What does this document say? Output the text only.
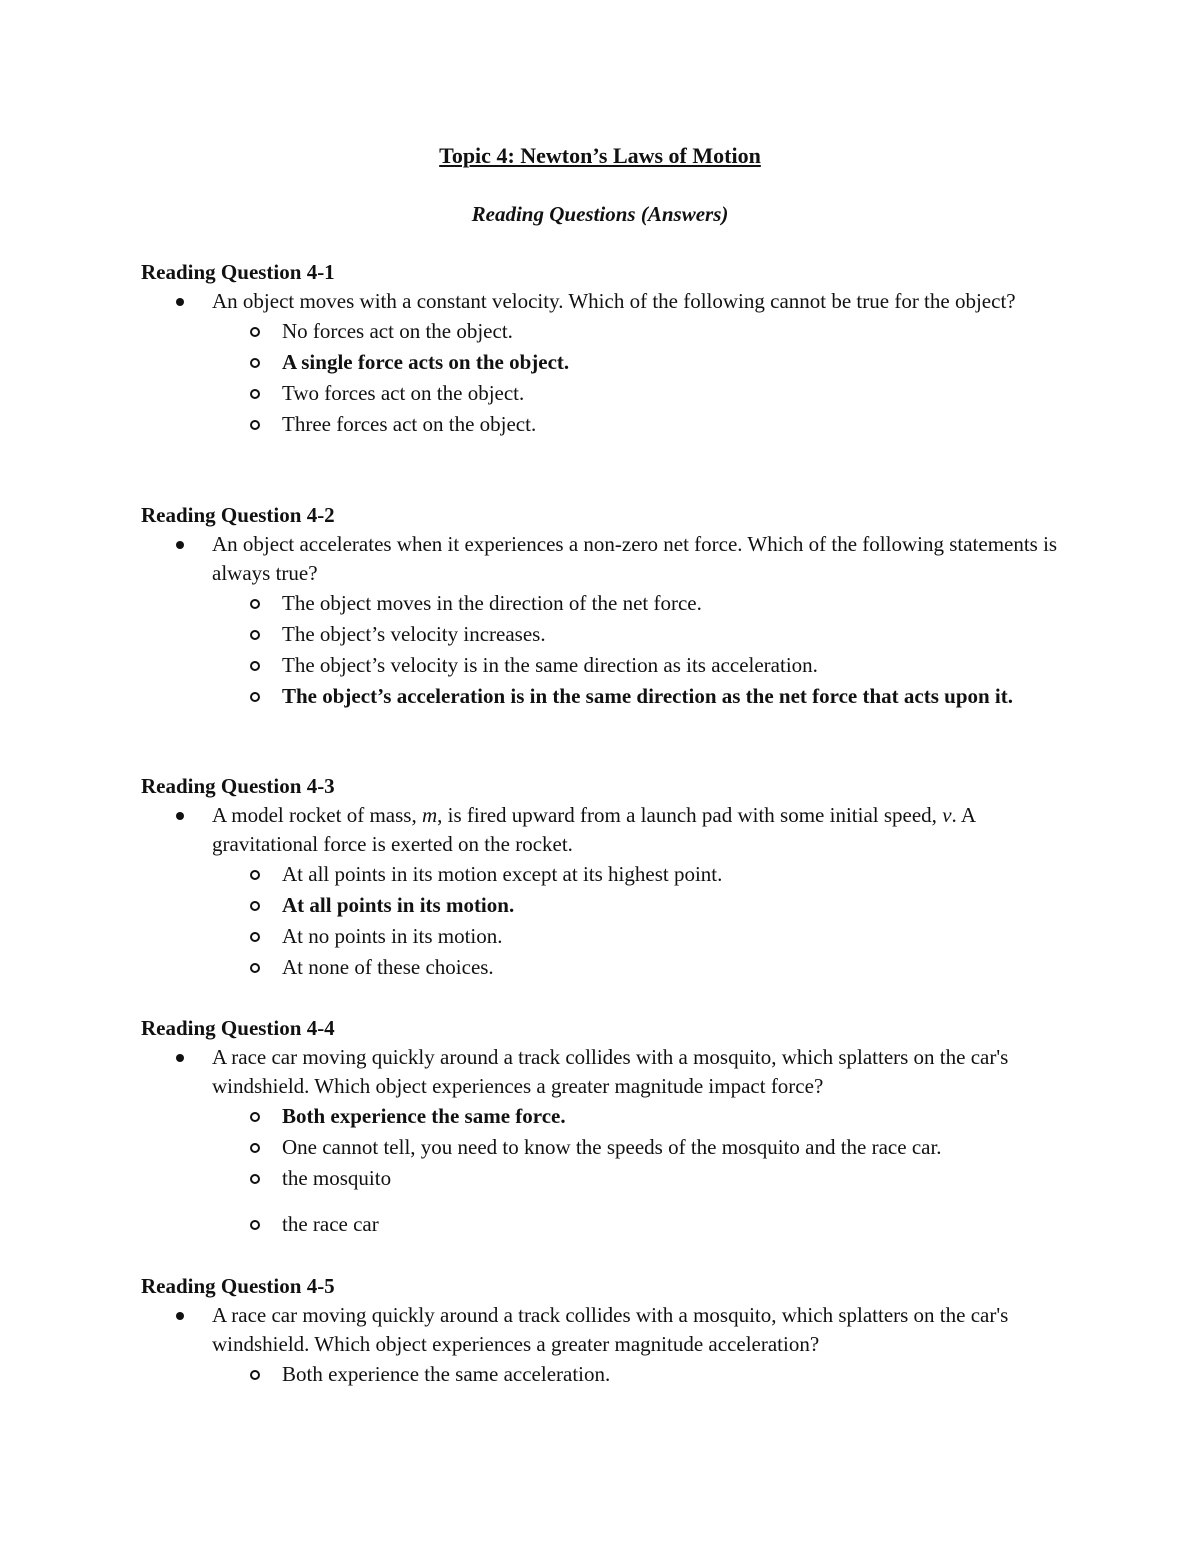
Topic 4: Newton’s Laws of Motion
Reading Questions (Answers)
Reading Question 4-1
An object moves with a constant velocity. Which of the following cannot be true for the object?
No forces act on the object.
A single force acts on the object.
Two forces act on the object.
Three forces act on the object.
Reading Question 4-2
An object accelerates when it experiences a non-zero net force. Which of the following statements is always true?
The object moves in the direction of the net force.
The object’s velocity increases.
The object’s velocity is in the same direction as its acceleration.
The object’s acceleration is in the same direction as the net force that acts upon it.
Reading Question 4-3
A model rocket of mass, m, is fired upward from a launch pad with some initial speed, v. A gravitational force is exerted on the rocket.
At all points in its motion except at its highest point.
At all points in its motion.
At no points in its motion.
At none of these choices.
Reading Question 4-4
A race car moving quickly around a track collides with a mosquito, which splatters on the car's windshield. Which object experiences a greater magnitude impact force?
Both experience the same force.
One cannot tell, you need to know the speeds of the mosquito and the race car.
the mosquito
the race car
Reading Question 4-5
A race car moving quickly around a track collides with a mosquito, which splatters on the car's windshield. Which object experiences a greater magnitude acceleration?
Both experience the same acceleration.
